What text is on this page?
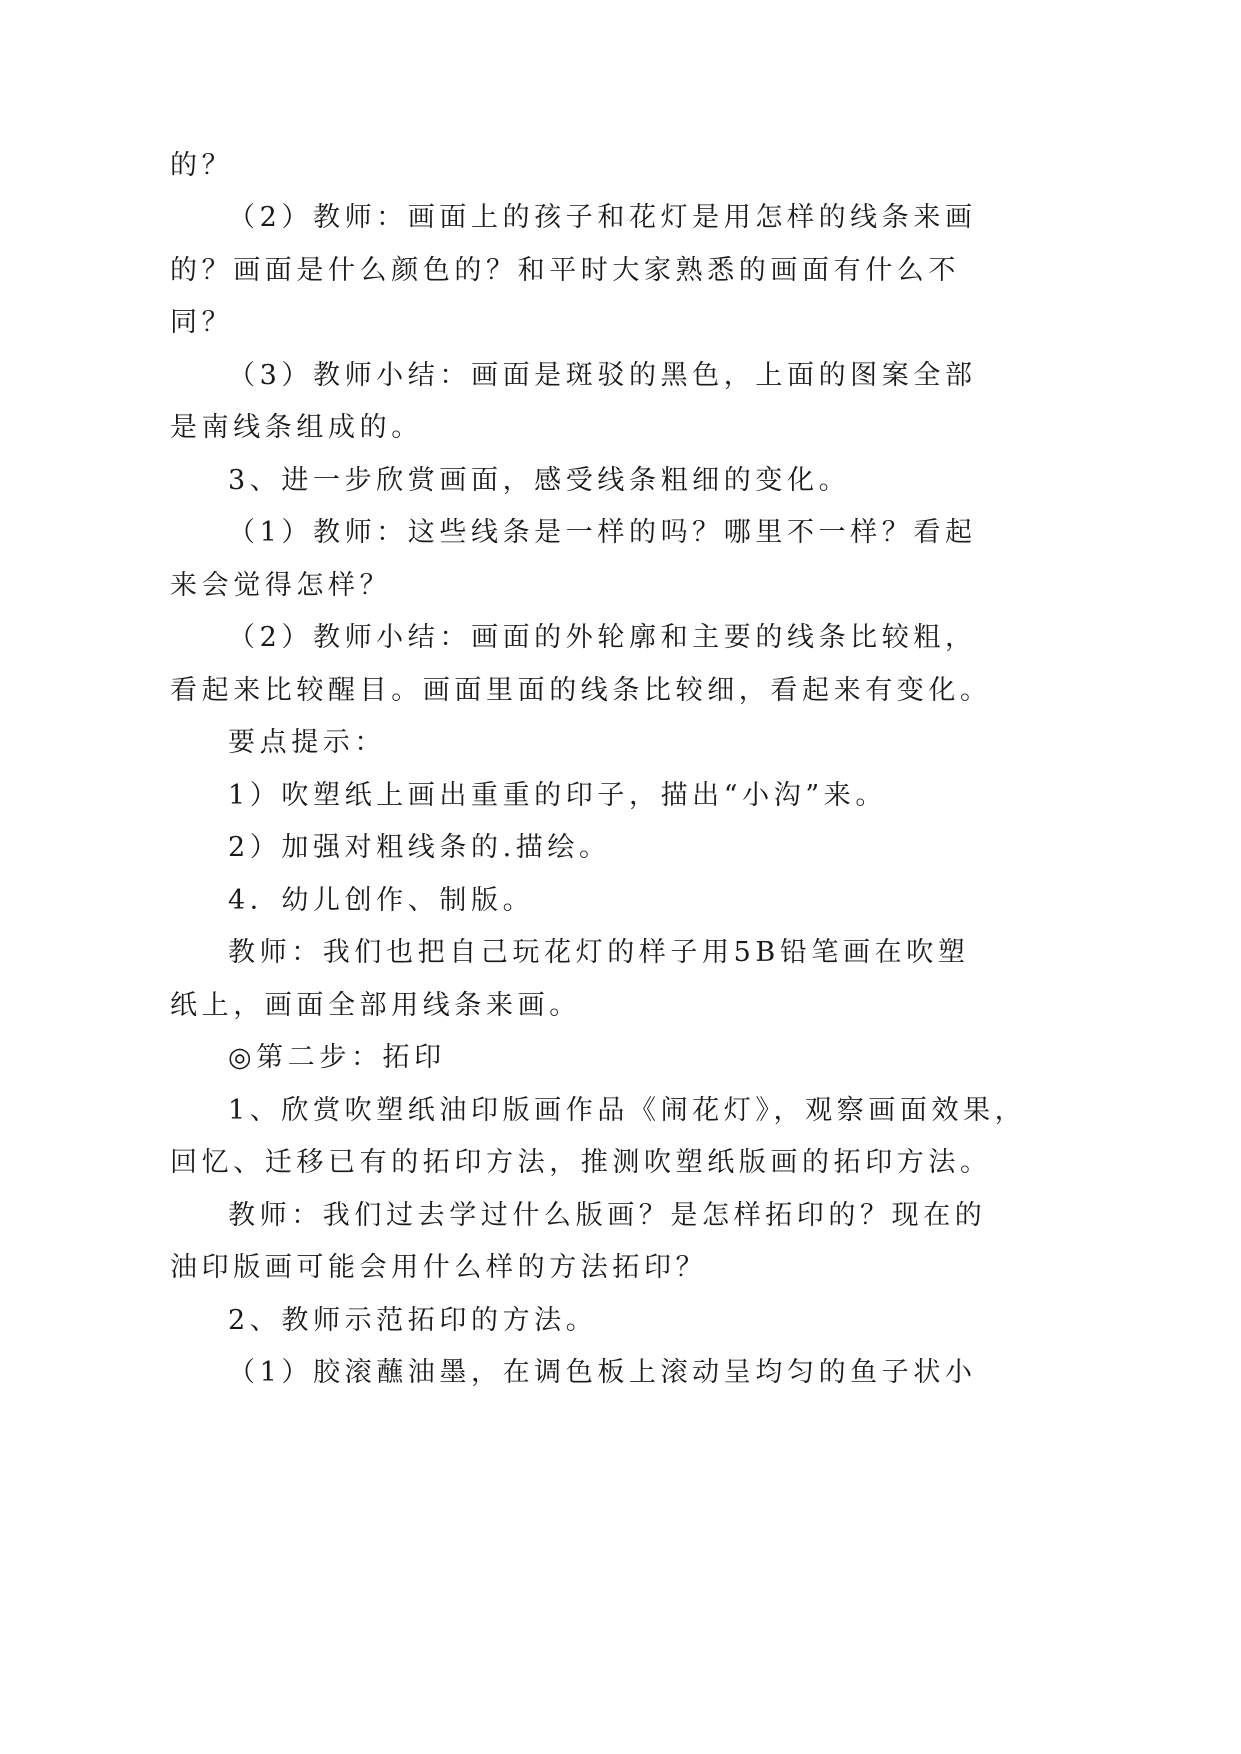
的？
（2）教师：画面上的孩子和花灯是用怎样的线条来画
的？画面是什么颜色的？和平时大家熟悉的画面有什么不
同？
（3）教师小结：画面是斑驳的黑色，上面的图案全部
是南线条组成的。
3、进一步欣赏画面，感受线条粗细的变化。
（1）教师：这些线条是一样的吗？哪里不一样？看起
来会觉得怎样？
（2）教师小结：画面的外轮廓和主要的线条比较粗，
看起来比较醒目。画面里面的线条比较细，看起来有变化。
要点提示：
1）吹塑纸上画出重重的印子，描出“小沟”来。
2）加强对粗线条的.描绘。
4．幼儿创作、制版。
教师：我们也把自己玩花灯的样子用5B铅笔画在吹塑
纸上，画面全部用线条来画。
◎第二步：拓印
1、欣赏吹塑纸油印版画作品《闹花灯》，观察画面效果，
回忆、迁移已有的拓印方法，推测吹塑纸版画的拓印方法。
教师：我们过去学过什么版画？是怎样拓印的？现在的
油印版画可能会用什么样的方法拓印？
2、教师示范拓印的方法。
（1）胶滚蘸油墨，在调色板上滚动呈均匀的鱼子状小
